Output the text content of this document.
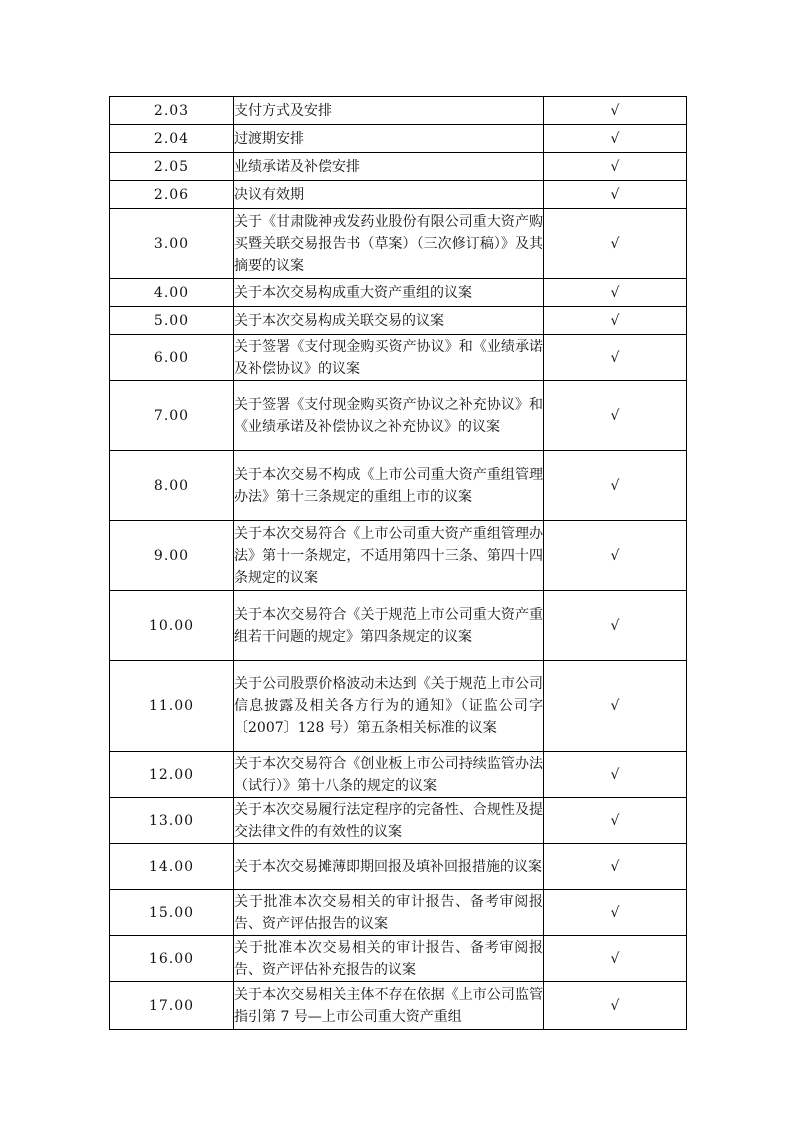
2.03	支付方式及安排	√
2.04	过渡期安排	√
2.05	业绩承诺及补偿安排	√
2.06	决议有效期	√
3.00	关于《甘肃陇神戎发药业股份有限公司重大资产购买暨关联交易报告书（草案）（三次修订稿）》及其摘要的议案	√
4.00	关于本次交易构成重大资产重组的议案	√
5.00	关于本次交易构成关联交易的议案	√
6.00	关于签署《支付现金购买资产协议》和《业绩承诺及补偿协议》的议案	√
7.00	关于签署《支付现金购买资产协议之补充协议》和《业绩承诺及补偿协议之补充协议》的议案	√
8.00	关于本次交易不构成《上市公司重大资产重组管理办法》第十三条规定的重组上市的议案	√
9.00	关于本次交易符合《上市公司重大资产重组管理办法》第十一条规定，不适用第四十三条、第四十四条规定的议案	√
10.00	关于本次交易符合《关于规范上市公司重大资产重组若干问题的规定》第四条规定的议案	√
11.00	关于公司股票价格波动未达到《关于规范上市公司信息披露及相关各方行为的通知》（证监公司字〔2007〕128 号）第五条相关标准的议案	√
12.00	关于本次交易符合《创业板上市公司持续监管办法（试行）》第十八条的规定的议案	√
13.00	关于本次交易履行法定程序的完备性、合规性及提交法律文件的有效性的议案	√
14.00	关于本次交易摊薄即期回报及填补回报措施的议案	√
15.00	关于批准本次交易相关的审计报告、备考审阅报告、资产评估报告的议案	√
16.00	关于批准本次交易相关的审计报告、备考审阅报告、资产评估补充报告的议案	√
17.00	关于本次交易相关主体不存在依据《上市公司监管指引第 7 号—上市公司重大资产重组	√
